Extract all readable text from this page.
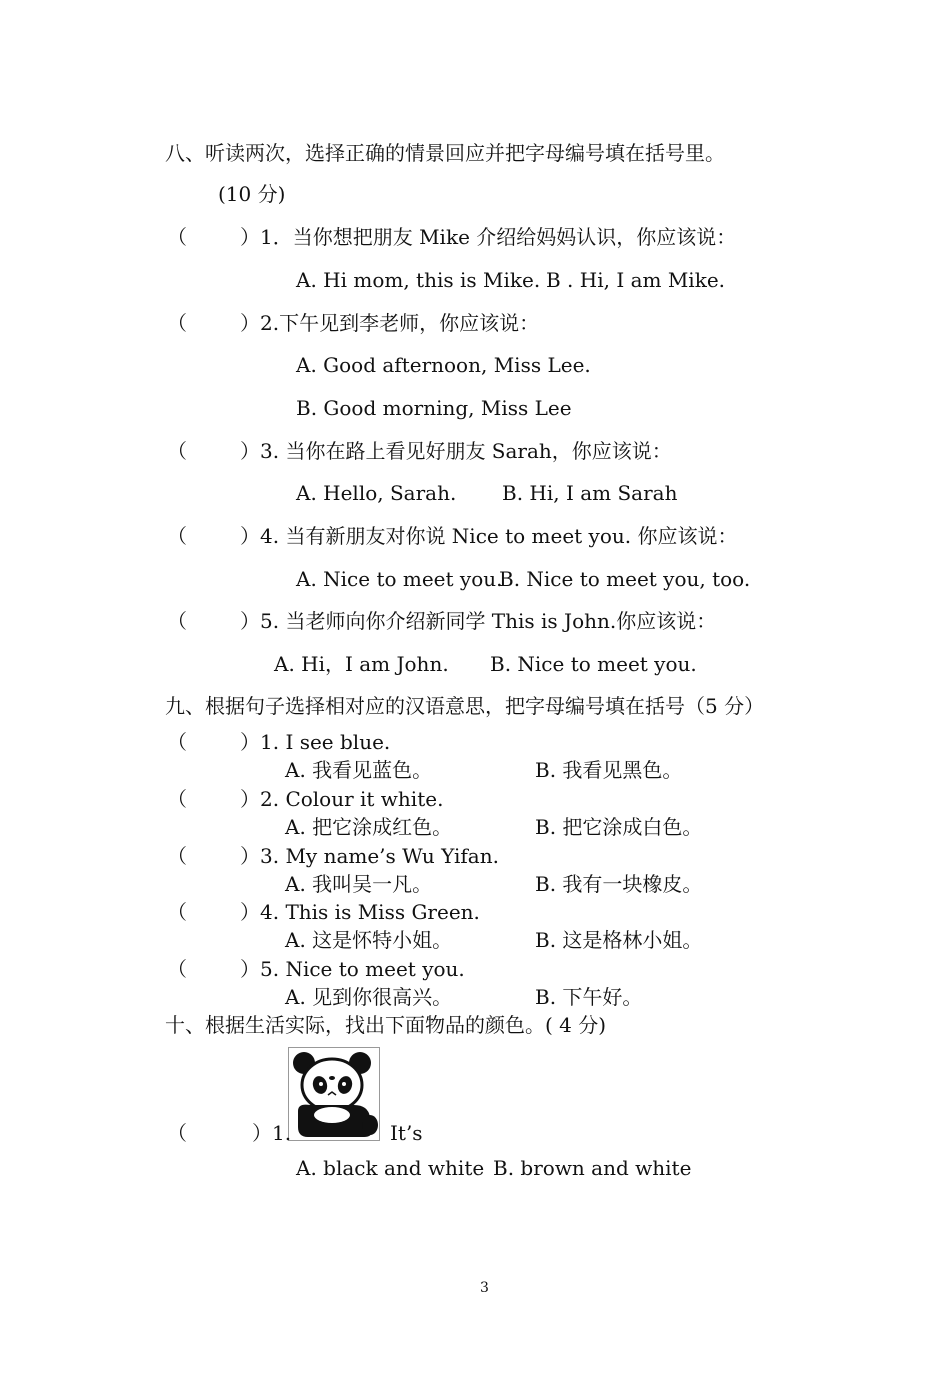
八、听读两次，选择正确的情景回应并把字母编号填在括号里。
(10 分)
（	）1．当你想把朋友 Mike 介绍给妈妈认识，你应该说：
A. Hi mom, this is Mike. B . Hi, I am Mike.
（	）2.下午见到李老师，你应该说：
A. Good afternoon, Miss Lee.
B. Good morning, Miss Lee
（	）3. 当你在路上看见好朋友 Sarah，你应该说：
A. Hello, Sarah. B. Hi, I am Sarah
（	）4. 当有新朋友对你说 Nice to meet you. 你应该说：
A. Nice to meet you.
B. Nice to meet you, too.
（	）5. 当老师向你介绍新同学 This is John.你应该说：
A. Hi，I am John. B. Nice to meet you.
九、根据句子选择相对应的汉语意思，把字母编号填在括号（5 分）
（	）1. I see blue.
A. 我看见蓝色。	B. 我看见黑色。
（	）2. Colour it white.
A. 把它涂成红色。	B. 把它涂成白色。
（	）3. My name’s Wu Yifan.
A. 我叫吴一凡。	B. 我有一块橡皮。
（	）4. This is Miss Green.
A. 这是怀特小姐。	B. 这是格林小姐。
（	）5. Nice to meet you.
A. 见到你很高兴。	B. 下午好。
十、根据生活实际，找出下面物品的颜色。( 4 分)
（	）1.	It’s
A. black and white B. brown and white
3
